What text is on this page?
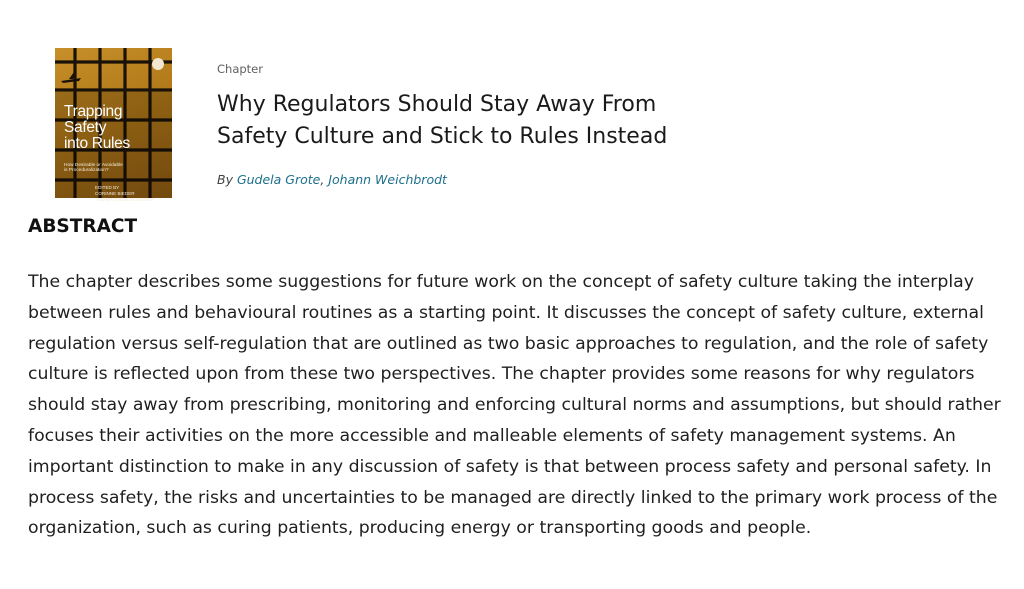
Trapping
Safety
into Rules
How Desirable or Avoidable
is Proceduralization?
EDITED BY
CORINNE BIEDER
AND MATHILDE BOURRIER

Chapter

Why Regulators Should Stay Away From Safety Culture and Stick to Rules Instead
By Gudela Grote, Johann Weichbrodt
ABSTRACT

The chapter describes some suggestions for future work on the concept of safety culture taking the interplay between rules and behavioural routines as a starting point. It discusses the concept of safety culture, external regulation versus self-regulation that are outlined as two basic approaches to regulation, and the role of safety culture is reflected upon from these two perspectives. The chapter provides some reasons for why regulators should stay away from prescribing, monitoring and enforcing cultural norms and assumptions, but should rather focuses their activities on the more accessible and malleable elements of safety management systems. An important distinction to make in any discussion of safety is that between process safety and personal safety. In process safety, the risks and uncertainties to be managed are directly linked to the primary work process of the organization, such as curing patients, producing energy or transporting goods and people.
